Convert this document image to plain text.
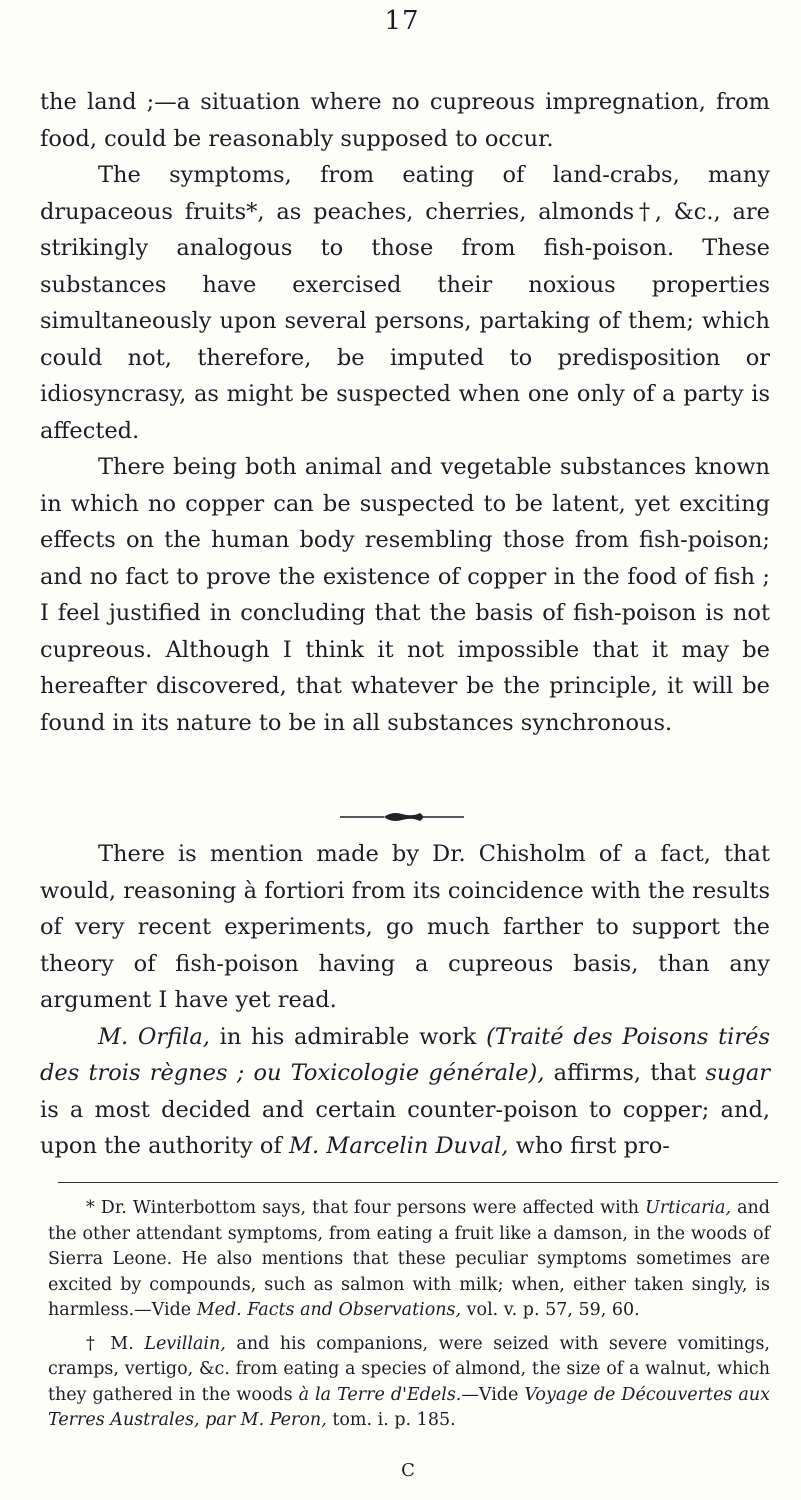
17

the land ;—a situation where no cupreous impregnation, from food, could be reasonably supposed to occur.

The symptoms, from eating of land-crabs, many drupaceous fruits*, as peaches, cherries, almonds†, &c., are strikingly analogous to those from fish-poison. These substances have exercised their noxious properties simultaneously upon several persons, partaking of them; which could not, therefore, be imputed to predisposition or idiosyncrasy, as might be suspected when one only of a party is affected.

There being both animal and vegetable substances known in which no copper can be suspected to be latent, yet exciting effects on the human body resembling those from fish-poison; and no fact to prove the existence of copper in the food of fish ; I feel justified in concluding that the basis of fish-poison is not cupreous. Although I think it not impossible that it may be hereafter discovered, that whatever be the principle, it will be found in its nature to be in all substances synchronous.

There is mention made by Dr. Chisholm of a fact, that would, reasoning à fortiori from its coincidence with the results of very recent experiments, go much farther to support the theory of fish-poison having a cupreous basis, than any argument I have yet read.

M. Orfila, in his admirable work (Traité des Poisons tirés des trois règnes ; ou Toxicologie générale), affirms, that sugar is a most decided and certain counter-poison to copper; and, upon the authority of M. Marcelin Duval, who first pro-

* Dr. Winterbottom says, that four persons were affected with Urticaria, and the other attendant symptoms, from eating a fruit like a damson, in the woods of Sierra Leone. He also mentions that these peculiar symptoms sometimes are excited by compounds, such as salmon with milk; when, either taken singly, is harmless.—Vide Med. Facts and Observations, vol. v. p. 57, 59, 60.

† M. Levillain, and his companions, were seized with severe vomitings, cramps, vertigo, &c. from eating a species of almond, the size of a walnut, which they gathered in the woods à la Terre d'Edels.—Vide Voyage de Découvertes aux Terres Australes, par M. Peron, tom. i. p. 185.

C
